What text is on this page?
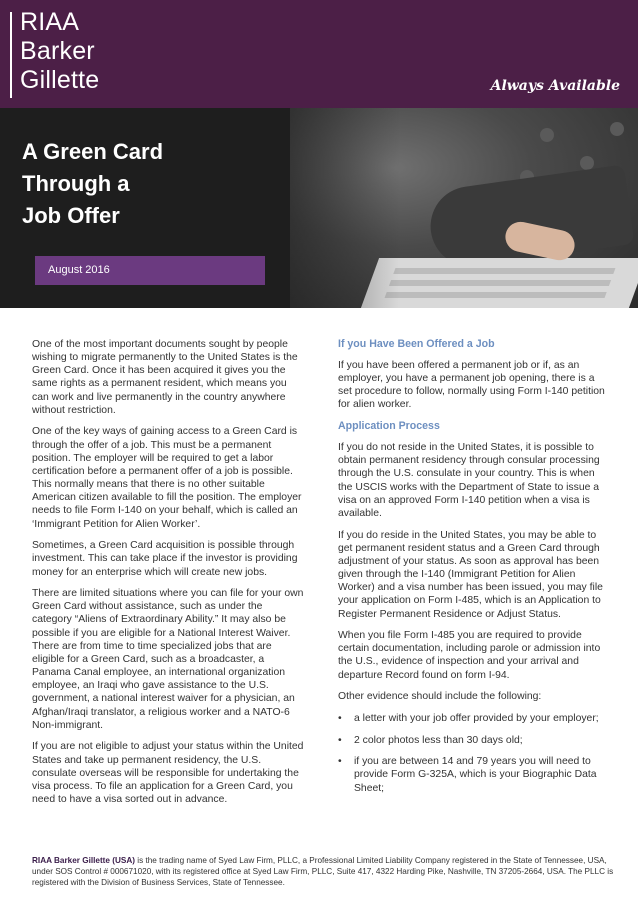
RIAA
Barker
Gillette	Always Available
A Green Card
Through a
Job Offer
August 2016

One of the most important documents sought by people wishing to migrate permanently to the United States is the Green Card. Once it has been acquired it gives you the same rights as a permanent resident, which means you can work and live permanently in the country anywhere without restriction.

One of the key ways of gaining access to a Green Card is through the offer of a job. This must be a permanent position. The employer will be required to get a labor certification before a permanent offer of a job is possible. This normally means that there is no other suitable American citizen available to fill the position. The employer needs to file Form I-140 on your behalf, which is called an ‘Immigrant Petition for Alien Worker’.

Sometimes, a Green Card acquisition is possible through investment. This can take place if the investor is providing money for an enterprise which will create new jobs.

There are limited situations where you can file for your own Green Card without assistance, such as under the category “Aliens of Extraordinary Ability.” It may also be possible if you are eligible for a National Interest Waiver. There are from time to time specialized jobs that are eligible for a Green Card, such as a broadcaster, a Panama Canal employee, an international organization employee, an Iraqi who gave assistance to the U.S. government, a national interest waiver for a physician, an Afghan/Iraqi translator, a religious worker and a NATO-6 Non-immigrant.

If you are not eligible to adjust your status within the United States and take up permanent residency, the U.S. consulate overseas will be responsible for undertaking the visa process. To file an application for a Green Card, you need to have a visa sorted out in advance.

If you Have Been Offered a Job

If you have been offered a permanent job or if, as an employer, you have a permanent job opening, there is a set procedure to follow, normally using Form I-140 petition for alien worker.

Application Process

If you do not reside in the United States, it is possible to obtain permanent residency through consular processing through the U.S. consulate in your country. This is when the USCIS works with the Department of State to issue a visa on an approved Form I-140 petition when a visa is available.

If you do reside in the United States, you may be able to get permanent resident status and a Green Card through adjustment of your status. As soon as approval has been given through the I-140 (Immigrant Petition for Alien Worker) and a visa number has been issued, you may file your application on Form I-485, which is an Application to Register Permanent Residence or Adjust Status.

When you file Form I-485 you are required to provide certain documentation, including parole or admission into the U.S., evidence of inspection and your arrival and departure Record found on form I-94.

Other evidence should include the following:

• a letter with your job offer provided by your employer;
• 2 color photos less than 30 days old;
• if you are between 14 and 79 years you will need to provide Form G-325A, which is your Biographic Data Sheet;
RIAA Barker Gillette (USA) is the trading name of Syed Law Firm, PLLC, a Professional Limited Liability Company registered in the State of Tennessee, USA, under SOS Control # 000671020, with its registered office at Syed Law Firm, PLLC, Suite 417, 4322 Harding Pike, Nashville, TN 37205-2664, USA. The PLLC is registered with the Division of Business Services, State of Tennessee.
